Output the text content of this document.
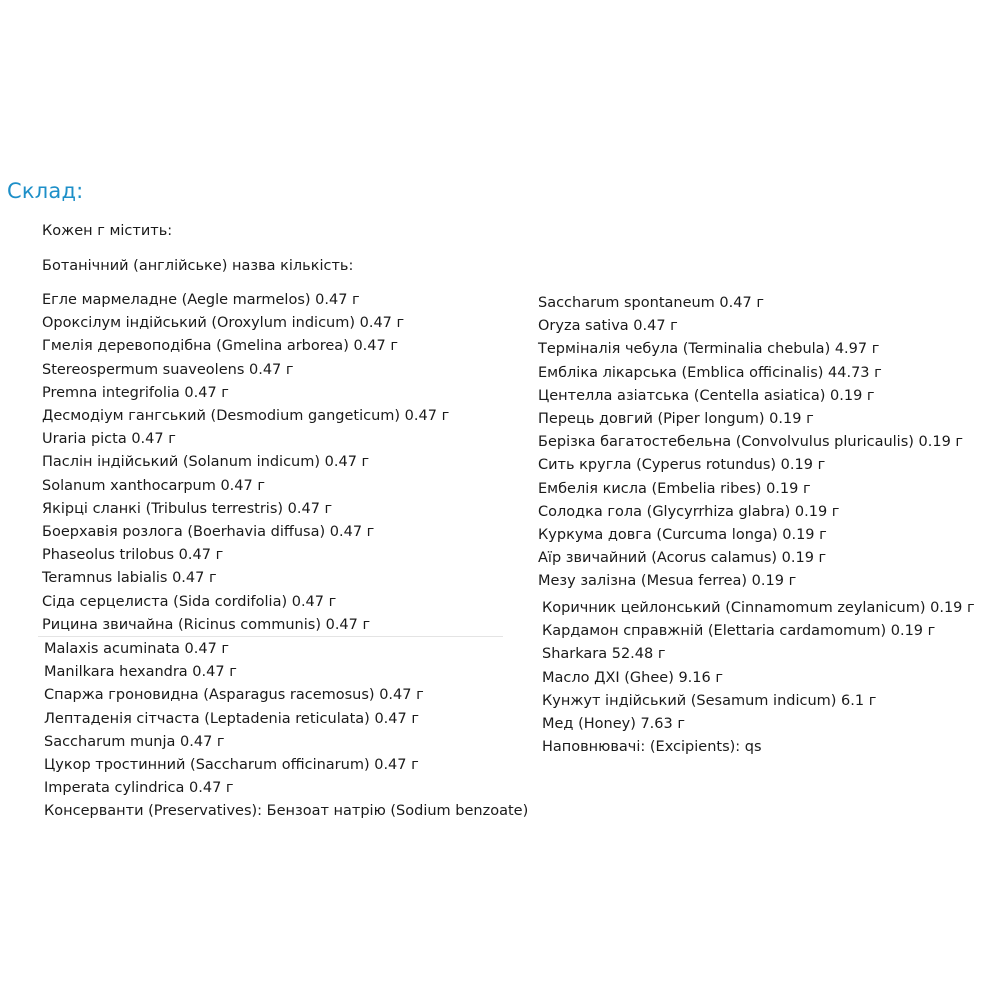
Склад:
Кожен г містить:
Ботанічний (англійське) назва кількість:
Егле мармеладне (Aegle marmelos) 0.47 г
Ороксілум індійський (Oroxylum indicum) 0.47 г
Гмелія деревоподібна (Gmelina arborea) 0.47 г
Stereospermum suaveolens 0.47 г
Premna integrifolia 0.47 г
Десмодіум гангський (Desmodium gangeticum) 0.47 г
Uraria picta 0.47 г
Паслін індійський (Solanum indicum) 0.47 г
Solanum xanthocarpum 0.47 г
Якірці сланкі (Tribulus terrestris) 0.47 г
Боерхавія розлога (Boerhavia diffusa) 0.47 г
Phaseolus trilobus 0.47 г
Teramnus labialis 0.47 г
Сіда серцелиста (Sida cordifolia) 0.47 г
Рицина звичайна (Ricinus communis) 0.47 г
Malaxis acuminata 0.47 г
Manilkara hexandra 0.47 г
Спаржа гроновидна (Asparagus racemosus) 0.47 г
Лептаденія сітчаста (Leptadenia reticulata) 0.47 г
Saccharum munja 0.47 г
Цукор тростинний (Saccharum officinarum) 0.47 г
Imperata cylindrica 0.47 г
Консерванти (Preservatives): Бензоат натрію (Sodium benzoate)
Saccharum spontaneum 0.47 г
Oryza sativa 0.47 г
Термiналія чебула (Terminalia chebula) 4.97 г
Емблiка лікарська (Emblica officinalis) 44.73 г
Центелла азіатська (Centella asiatica) 0.19 г
Перець довгий (Piper longum) 0.19 г
Берізка багатостебельна (Convolvulus pluricaulis) 0.19 г
Сить кругла (Cyperus rotundus) 0.19 г
Ембелія кисла (Embelia ribes) 0.19 г
Солодка гола (Glycyrrhiza glabra) 0.19 г
Куркума довга (Curcuma longa) 0.19 г
Аїр звичайний (Acorus calamus) 0.19 г
Мезу залізна (Mesua ferrea) 0.19 г
Коричник цейлонський (Cinnamomum zeylanicum) 0.19 г
Кардамон справжній (Elettaria cardamomum) 0.19 г
Sharkara 52.48 г
Масло ДХІ (Ghee) 9.16 г
Кунжут індійський (Sesamum indicum) 6.1 г
Мед (Honey) 7.63 г
Наповнювачі: (Excipients): qs
